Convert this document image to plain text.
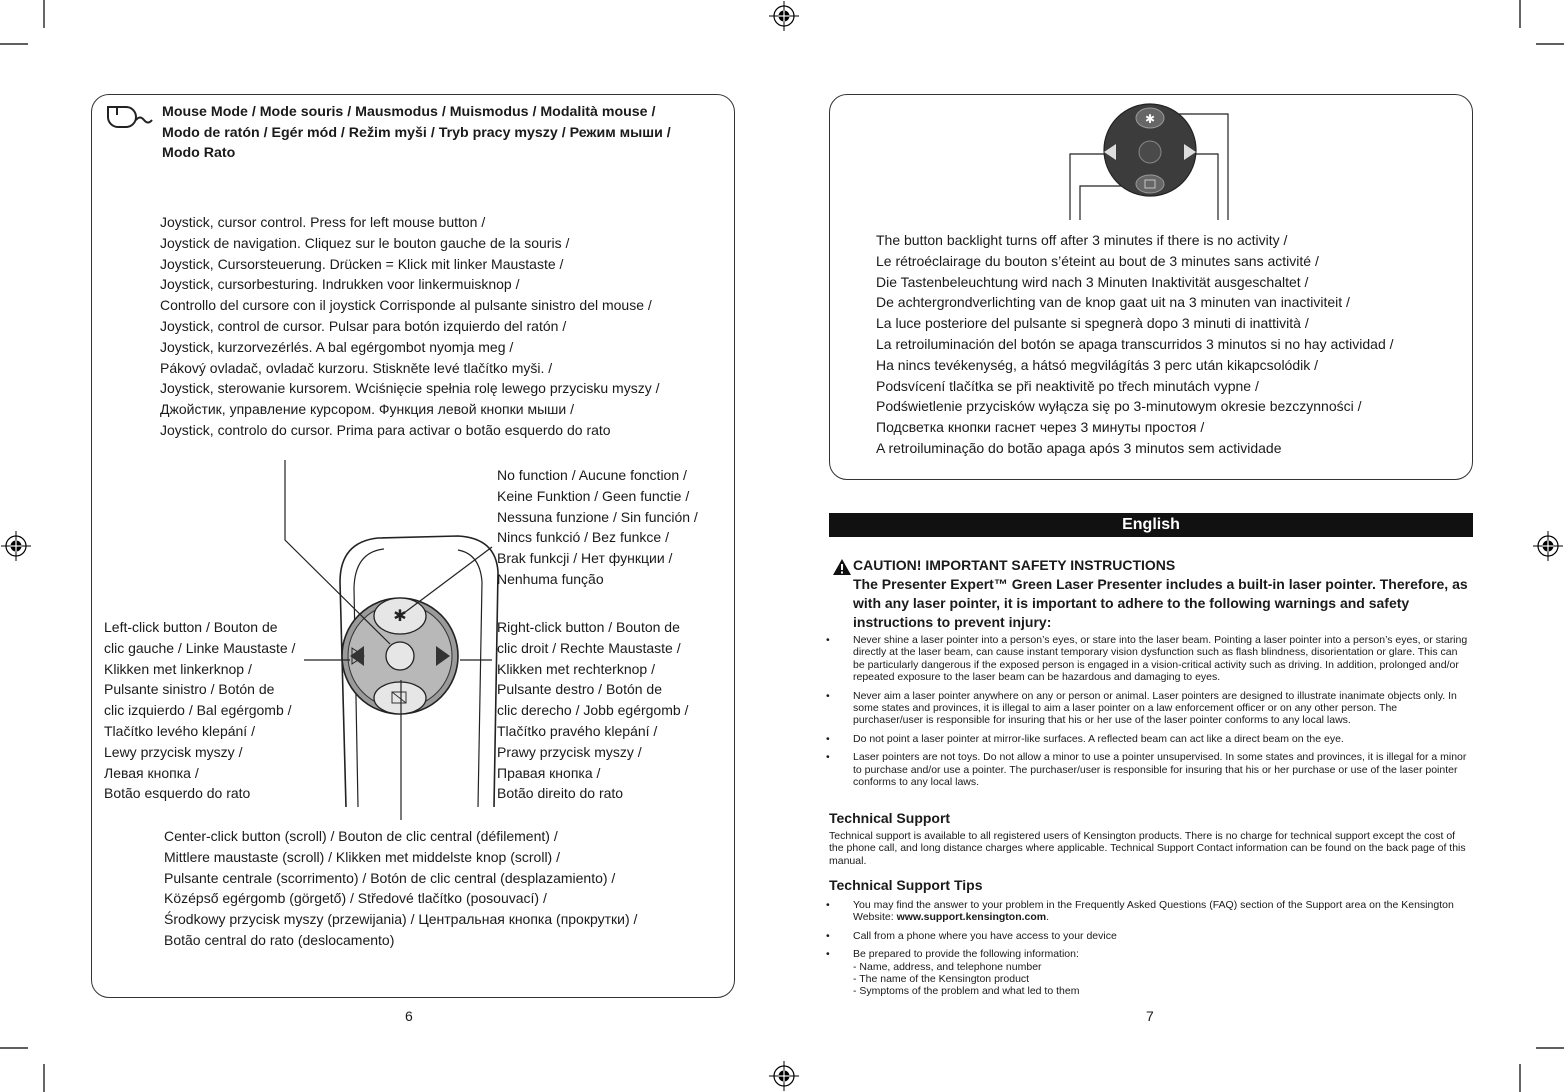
Mouse Mode / Mode souris / Mausmodus / Muismodus / Modalità mouse /
Modo de ratón / Egér mód / Režim myši / Tryb pracy myszy / Режим мыши /
Modo Rato
Joystick, cursor control. Press for left mouse button /
Joystick de navigation. Cliquez sur le bouton gauche de la souris /
Joystick, Cursorsteuerung. Drücken = Klick mit linker Maustaste /
Joystick, cursorbesturing. Indrukken voor linkermuisknop /
Controllo del cursore con il joystick Corrisponde al pulsante sinistro del mouse /
Joystick, control de cursor. Pulsar para botón izquierdo del ratón /
Joystick, kurzorvezérlés. A bal egérgombot nyomja meg /
Pákový ovladač, ovladač kurzoru. Stiskněte levé tlačítko myši. /
Joystick, sterowanie kursorem. Wciśnięcie spełnia rolę lewego przycisku myszy /
Джойстик, управление курсором. Функция левой кнопки мыши /
Joystick, controlo do cursor. Prima para activar o botão esquerdo do rato
✱
No function / Aucune fonction /
Keine Funktion / Geen functie /
Nessuna funzione / Sin función /
Nincs funkció / Bez funkce /
Brak funkcji / Нет функции /
Nenhuma função
Left-click button / Bouton de
clic gauche / Linke Maustaste /
Klikken met linkerknop /
Pulsante sinistro / Botón de
clic izquierdo / Bal egérgomb /
Tlačítko levého klepání /
Lewy przycisk myszy /
Левая кнопка /
Botão esquerdo do rato
Right-click button / Bouton de
clic droit / Rechte Maustaste /
Klikken met rechterknop /
Pulsante destro / Botón de
clic derecho / Jobb egérgomb /
Tlačítko pravého klepání /
Prawy przycisk myszy /
Правая кнопка /
Botão direito do rato
Center-click button (scroll) / Bouton de clic central (défilement) /
Mittlere maustaste (scroll) / Klikken met middelste knop (scroll) /
Pulsante centrale (scorrimento) / Botón de clic central (desplazamiento) /
Középső egérgomb (görgető) / Středové tlačítko (posouvací) /
Środkowy przycisk myszy (przewijania) / Центральная кнопка (прокрутки) /
Botão central do rato (deslocamento)
6
✱
The button backlight turns off after 3 minutes if there is no activity /
Le rétroéclairage du bouton s’éteint au bout de 3 minutes sans activité /
Die Tastenbeleuchtung wird nach 3 Minuten Inaktivität ausgeschaltet /
De achtergrondverlichting van de knop gaat uit na 3 minuten van inactiviteit /
La luce posteriore del pulsante si spegnerà dopo 3 minuti di inattività /
La retroiluminación del botón se apaga transcurridos 3 minutos si no hay actividad /
Ha nincs tevékenység, a hátsó megvilágítás 3 perc után kikapcsolódik /
Podsvícení tlačítka se při neaktivitě po třech minutách vypne /
Podświetlenie przycisków wyłącza się po 3-minutowym okresie bezczynności /
Подсветка кнопки гаснет через 3 минуты простоя /
A retroiluminação do botão apaga após 3 minutos sem actividade
English
CAUTION! IMPORTANT SAFETY INSTRUCTIONS
The Presenter Expert™ Green Laser Presenter includes a built-in laser pointer. Therefore, as
with any laser pointer, it is important to adhere to the following warnings and safety
instructions to prevent injury:
• Never shine a laser pointer into a person’s eyes, or stare into the laser beam. Pointing a laser pointer into a person’s eyes, or staring directly at the laser beam, can cause instant temporary vision dysfunction such as flash blindness, disorientation or glare. This can be particularly dangerous if the exposed person is engaged in a vision-critical activity such as driving. In addition, prolonged and/or repeated exposure to the laser beam can be hazardous and damaging to eyes.
• Never aim a laser pointer anywhere on any or person or animal. Laser pointers are designed to illustrate inanimate objects only. In some states and provinces, it is illegal to aim a laser pointer on a law enforcement officer or on any other person. The purchaser/user is responsible for insuring that his or her use of the laser pointer conforms to any local laws.
• Do not point a laser pointer at mirror-like surfaces. A reflected beam can act like a direct beam on the eye.
• Laser pointers are not toys. Do not allow a minor to use a pointer unsupervised. In some states and provinces, it is illegal for a minor to purchase and/or use a pointer. The purchaser/user is responsible for insuring that his or her purchase or use of the laser pointer conforms to any local laws.
Technical Support
Technical support is available to all registered users of Kensington products. There is no charge for technical support except the cost of the phone call, and long distance charges where applicable. Technical Support Contact information can be found on the back page of this manual.
Technical Support Tips
• You may find the answer to your problem in the Frequently Asked Questions (FAQ) section of the Support area on the Kensington Website: www.support.kensington.com.
• Call from a phone where you have access to your device
• Be prepared to provide the following information:
- Name, address, and telephone number
- The name of the Kensington product
- Symptoms of the problem and what led to them
7
